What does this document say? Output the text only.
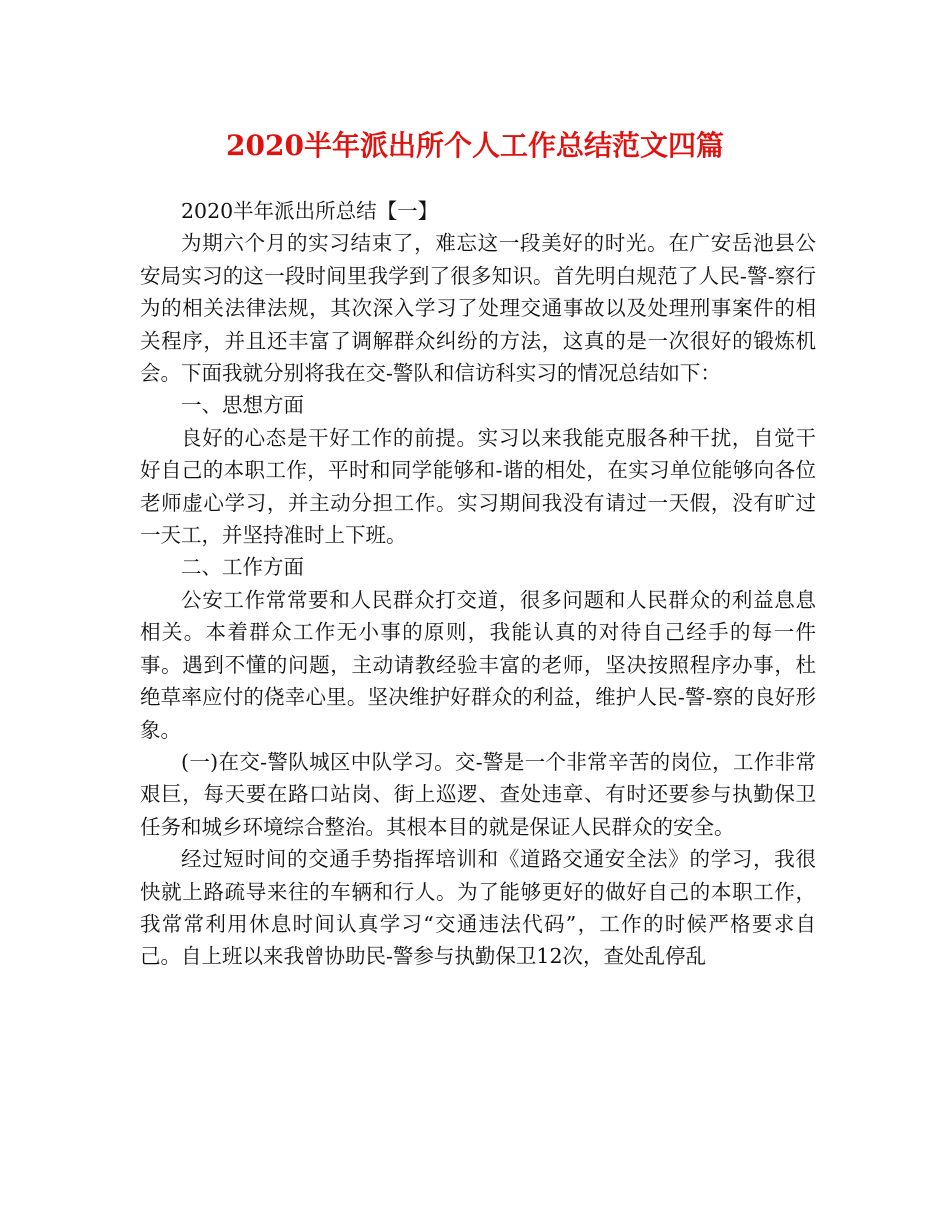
2020半年派出所个人工作总结范文四篇

2020半年派出所总结【一】

为期六个月的实习结束了，难忘这一段美好的时光。在广安岳池县公安局实习的这一段时间里我学到了很多知识。首先明白规范了人民-警-察行为的相关法律法规，其次深入学习了处理交通事故以及处理刑事案件的相关程序，并且还丰富了调解群众纠纷的方法，这真的是一次很好的锻炼机会。下面我就分别将我在交-警队和信访科实习的情况总结如下：

一、思想方面

良好的心态是干好工作的前提。实习以来我能克服各种干扰，自觉干好自己的本职工作，平时和同学能够和-谐的相处，在实习单位能够向各位老师虚心学习，并主动分担工作。实习期间我没有请过一天假，没有旷过一天工，并坚持准时上下班。

二、工作方面

公安工作常常要和人民群众打交道，很多问题和人民群众的利益息息相关。本着群众工作无小事的原则，我能认真的对待自己经手的每一件事。遇到不懂的问题，主动请教经验丰富的老师，坚决按照程序办事，杜绝草率应付的侥幸心里。坚决维护好群众的利益，维护人民-警-察的良好形象。

(一)在交-警队城区中队学习。交-警是一个非常辛苦的岗位，工作非常艰巨，每天要在路口站岗、街上巡逻、查处违章、有时还要参与执勤保卫任务和城乡环境综合整治。其根本目的就是保证人民群众的安全。

经过短时间的交通手势指挥培训和《道路交通安全法》的学习，我很快就上路疏导来往的车辆和行人。为了能够更好的做好自己的本职工作，我常常利用休息时间认真学习“交通违法代码”，工作的时候严格要求自己。自上班以来我曾协助民-警参与执勤保卫12次，查处乱停乱
